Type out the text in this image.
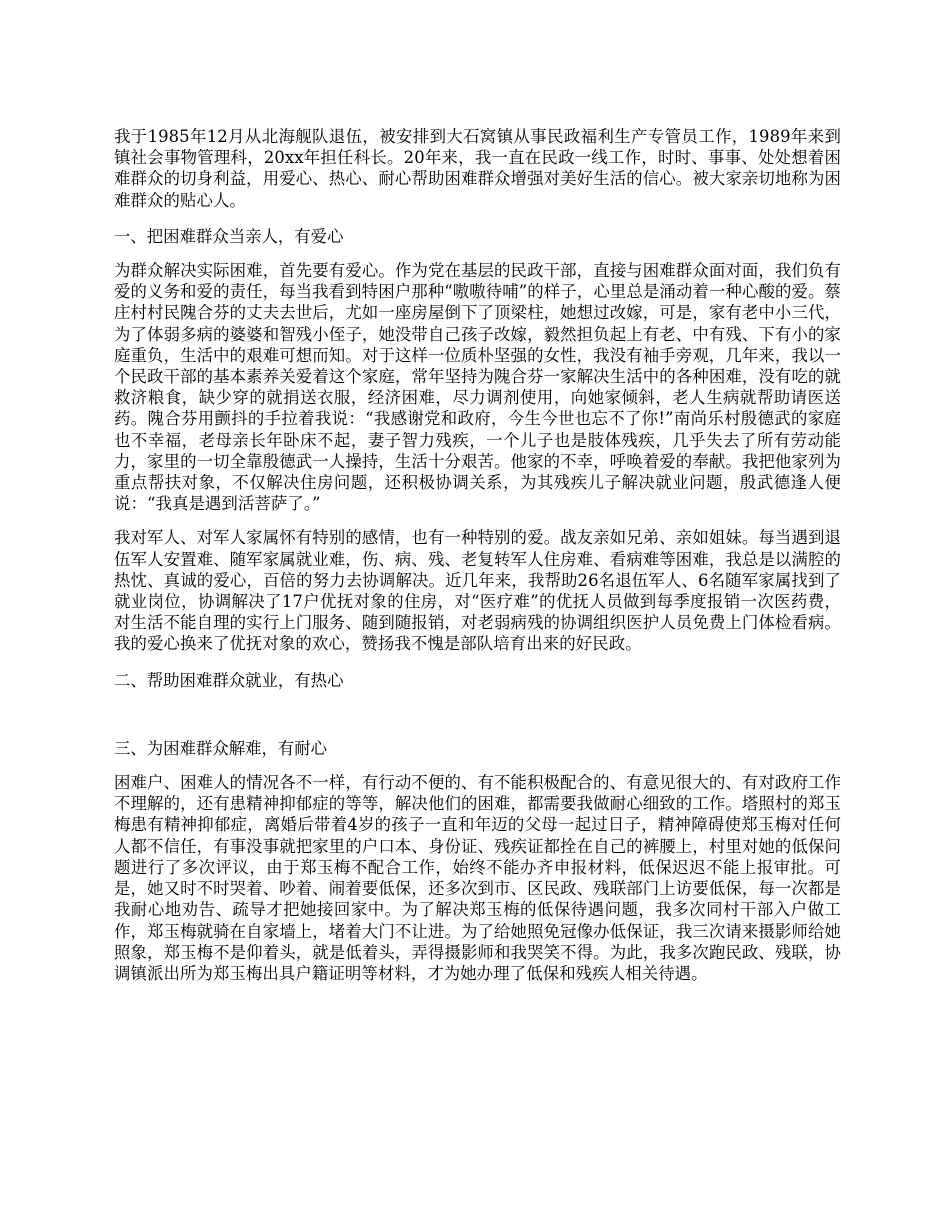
我于1985年12月从北海舰队退伍，被安排到大石窝镇从事民政福利生产专管员工作，1989年来到镇社会事物管理科，20xx年担任科长。20年来，我一直在民政一线工作，时时、事事、处处想着困难群众的切身利益，用爱心、热心、耐心帮助困难群众增强对美好生活的信心。被大家亲切地称为困难群众的贴心人。

一、把困难群众当亲人，有爱心

为群众解决实际困难，首先要有爱心。作为党在基层的民政干部，直接与困难群众面对面，我们负有爱的义务和爱的责任，每当我看到特困户那种“嗷嗷待哺”的样子，心里总是涌动着一种心酸的爱。蔡庄村村民隗合芬的丈夫去世后，尤如一座房屋倒下了顶梁柱，她想过改嫁，可是，家有老中小三代，为了体弱多病的婆婆和智残小侄子，她没带自己孩子改嫁，毅然担负起上有老、中有残、下有小的家庭重负，生活中的艰难可想而知。对于这样一位质朴坚强的女性，我没有袖手旁观，几年来，我以一个民政干部的基本素养关爱着这个家庭，常年坚持为隗合芬一家解决生活中的各种困难，没有吃的就救济粮食，缺少穿的就捐送衣服，经济困难，尽力调剂使用，向她家倾斜，老人生病就帮助请医送药。隗合芬用颤抖的手拉着我说：“我感谢党和政府，今生今世也忘不了你!”南尚乐村殷德武的家庭也不幸福，老母亲长年卧床不起，妻子智力残疾，一个儿子也是肢体残疾，几乎失去了所有劳动能力，家里的一切全靠殷德武一人操持，生活十分艰苦。他家的不幸，呼唤着爱的奉献。我把他家列为重点帮扶对象，不仅解决住房问题，还积极协调关系，为其残疾儿子解决就业问题，殷武德逢人便说：“我真是遇到活菩萨了。”

我对军人、对军人家属怀有特别的感情，也有一种特别的爱。战友亲如兄弟、亲如姐妹。每当遇到退伍军人安置难、随军家属就业难，伤、病、残、老复转军人住房难、看病难等困难，我总是以满腔的热忱、真诚的爱心，百倍的努力去协调解决。近几年来，我帮助26名退伍军人、6名随军家属找到了就业岗位，协调解决了17户优抚对象的住房，对“医疗难”的优抚人员做到每季度报销一次医药费，对生活不能自理的实行上门服务、随到随报销，对老弱病残的协调组织医护人员免费上门体检看病。我的爱心换来了优抚对象的欢心，赞扬我不愧是部队培育出来的好民政。

二、帮助困难群众就业，有热心

三、为困难群众解难，有耐心

困难户、困难人的情况各不一样，有行动不便的、有不能积极配合的、有意见很大的、有对政府工作不理解的，还有患精神抑郁症的等等，解决他们的困难，都需要我做耐心细致的工作。塔照村的郑玉梅患有精神抑郁症，离婚后带着4岁的孩子一直和年迈的父母一起过日子，精神障碍使郑玉梅对任何人都不信任，有事没事就把家里的户口本、身份证、残疾证都拴在自己的裤腰上，村里对她的低保问题进行了多次评议，由于郑玉梅不配合工作，始终不能办齐申报材料，低保迟迟不能上报审批。可是，她又时不时哭着、吵着、闹着要低保，还多次到市、区民政、残联部门上访要低保，每一次都是我耐心地劝告、疏导才把她接回家中。为了解决郑玉梅的低保待遇问题，我多次同村干部入户做工作，郑玉梅就骑在自家墙上，堵着大门不让进。为了给她照免冠像办低保证，我三次请来摄影师给她照象，郑玉梅不是仰着头，就是低着头，弄得摄影师和我哭笑不得。为此，我多次跑民政、残联，协调镇派出所为郑玉梅出具户籍证明等材料，才为她办理了低保和残疾人相关待遇。
